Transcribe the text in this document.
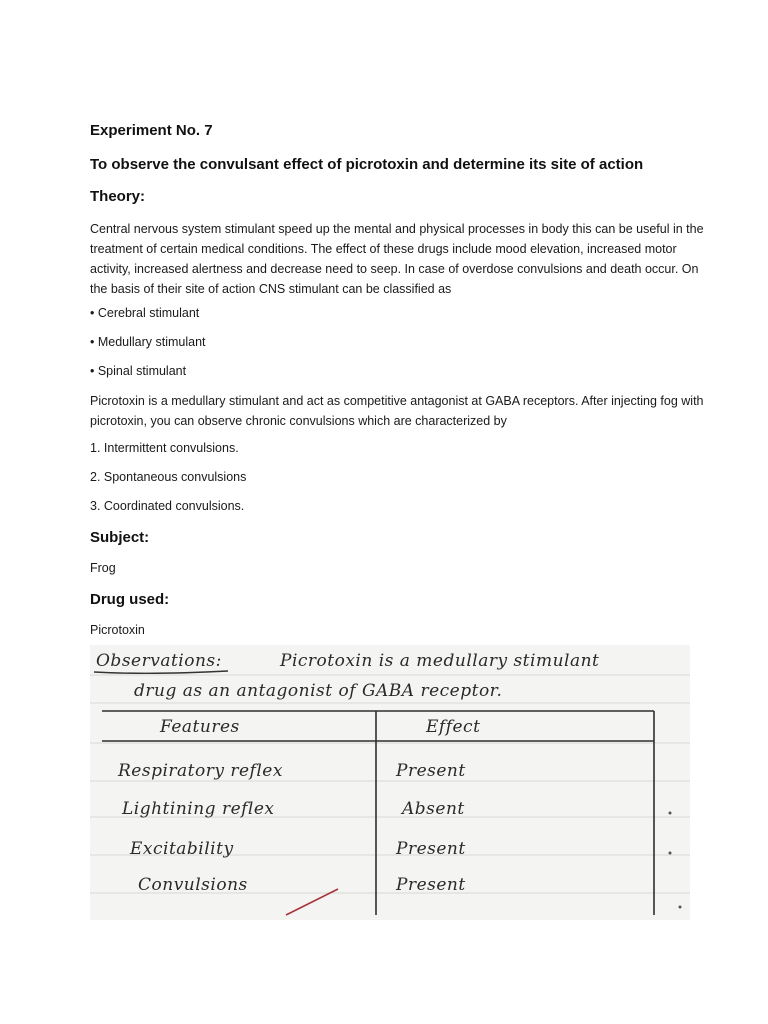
Experiment No. 7
To observe the convulsant effect of picrotoxin and determine its site of action
Theory:
Central nervous system stimulant speed up the mental and physical processes in body this can be useful in the treatment of certain medical conditions. The effect of these drugs include mood elevation, increased motor activity, increased alertness and decrease need to seep. In case of overdose convulsions and death occur. On the basis of their site of action CNS stimulant can be classified as
• Cerebral stimulant
• Medullary stimulant
• Spinal stimulant
Picrotoxin is a medullary stimulant and act as competitive antagonist at GABA receptors. After injecting fog with picrotoxin, you can observe chronic convulsions which are characterized by
1. Intermittent convulsions.
2. Spontaneous convulsions
3. Coordinated convulsions.
Subject:
Frog
Drug used:
Picrotoxin
Observations:	Picrotoxin is a medullary stimulant
drug as an antagonist of GABA receptor.
Features	Effect
Respiratory reflex	Present
Lightining reflex	Absent
Excitability	Present
Convulsions	Present
